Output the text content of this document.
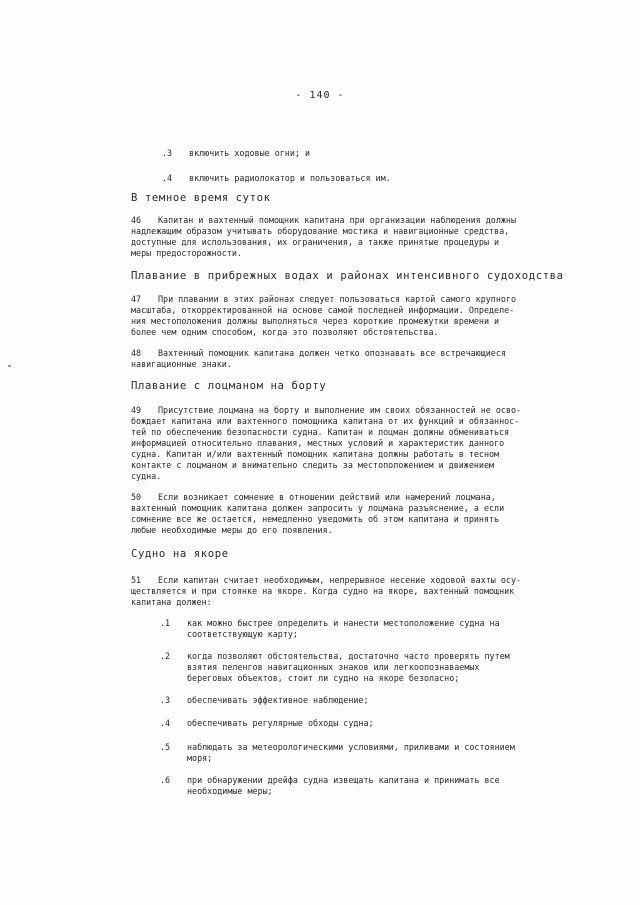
- 140 -
.3 включить ходовые огни; и
.4 включить радиолокатор и пользоваться им.
В темное время суток
46 Капитан и вахтенный помощник капитана при организации наблюдения должны
надлежащим образом учитывать оборудование мостика и навигационные средства,
доступные для использования, их ограничения, а также принятые процедуры и
меры предосторожности.
Плавание в прибрежных водах и районах интенсивного судоходства
47 При плавании в этих районах следует пользоваться картой самого крупного
масштаба, откорректированной на основе самой последней информации. Определе-
ния местоположения должны выполняться через короткие промежутки времени и
более чем одним способом, когда это позволяют обстоятельства.
48 Вахтенный помощник капитана должен четко опознавать все встречающиеся
навигационные знаки.
Плавание с лоцманом на борту
49 Присутствие лоцмана на борту и выполнение им своих обязанностей не осво-
бождает капитана или вахтенного помощника капитана от их функций и обязаннос-
тей по обеспечению безопасности судна. Капитан и лоцман должны обмениваться
информацией относительно плавания, местных условий и характеристик данного
судна. Капитан и/или вахтенный помощник капитана должны работать в тесном
контакте с лоцманом и внимательно следить за местоположением и движением
судна.
50 Если возникает сомнение в отношении действий или намерений лоцмана,
вахтенный помощник капитана должен запросить у лоцмана разъяснение, а если
сомнение все же остается, немедленно уведомить об этом капитана и принять
любые необходимые меры до его появления.
Судно на якоре
51 Если капитан считает необходимым, непрерывное несение ходовой вахты осу-
ществляется и при стоянке на якоре. Когда судно на якоре, вахтенный помощник
капитана должен:
.1 как можно быстрее определить и нанести местоположение судна на
соответствующую карту;
.2 когда позволяют обстоятельства, достаточно часто проверять путем
взятия пеленгов навигационных знаков или легкоопознаваемых
береговых объектов, стоит ли судно на якоре безопасно;
.3 обеспечивать эффективное наблюдение;
.4 обеспечивать регулярные обходы судна;
.5 наблюдать за метеорологическими условиями, приливами и состоянием
моря;
.6 при обнаружении дрейфа судна извещать капитана и принимать все
необходимые меры;
